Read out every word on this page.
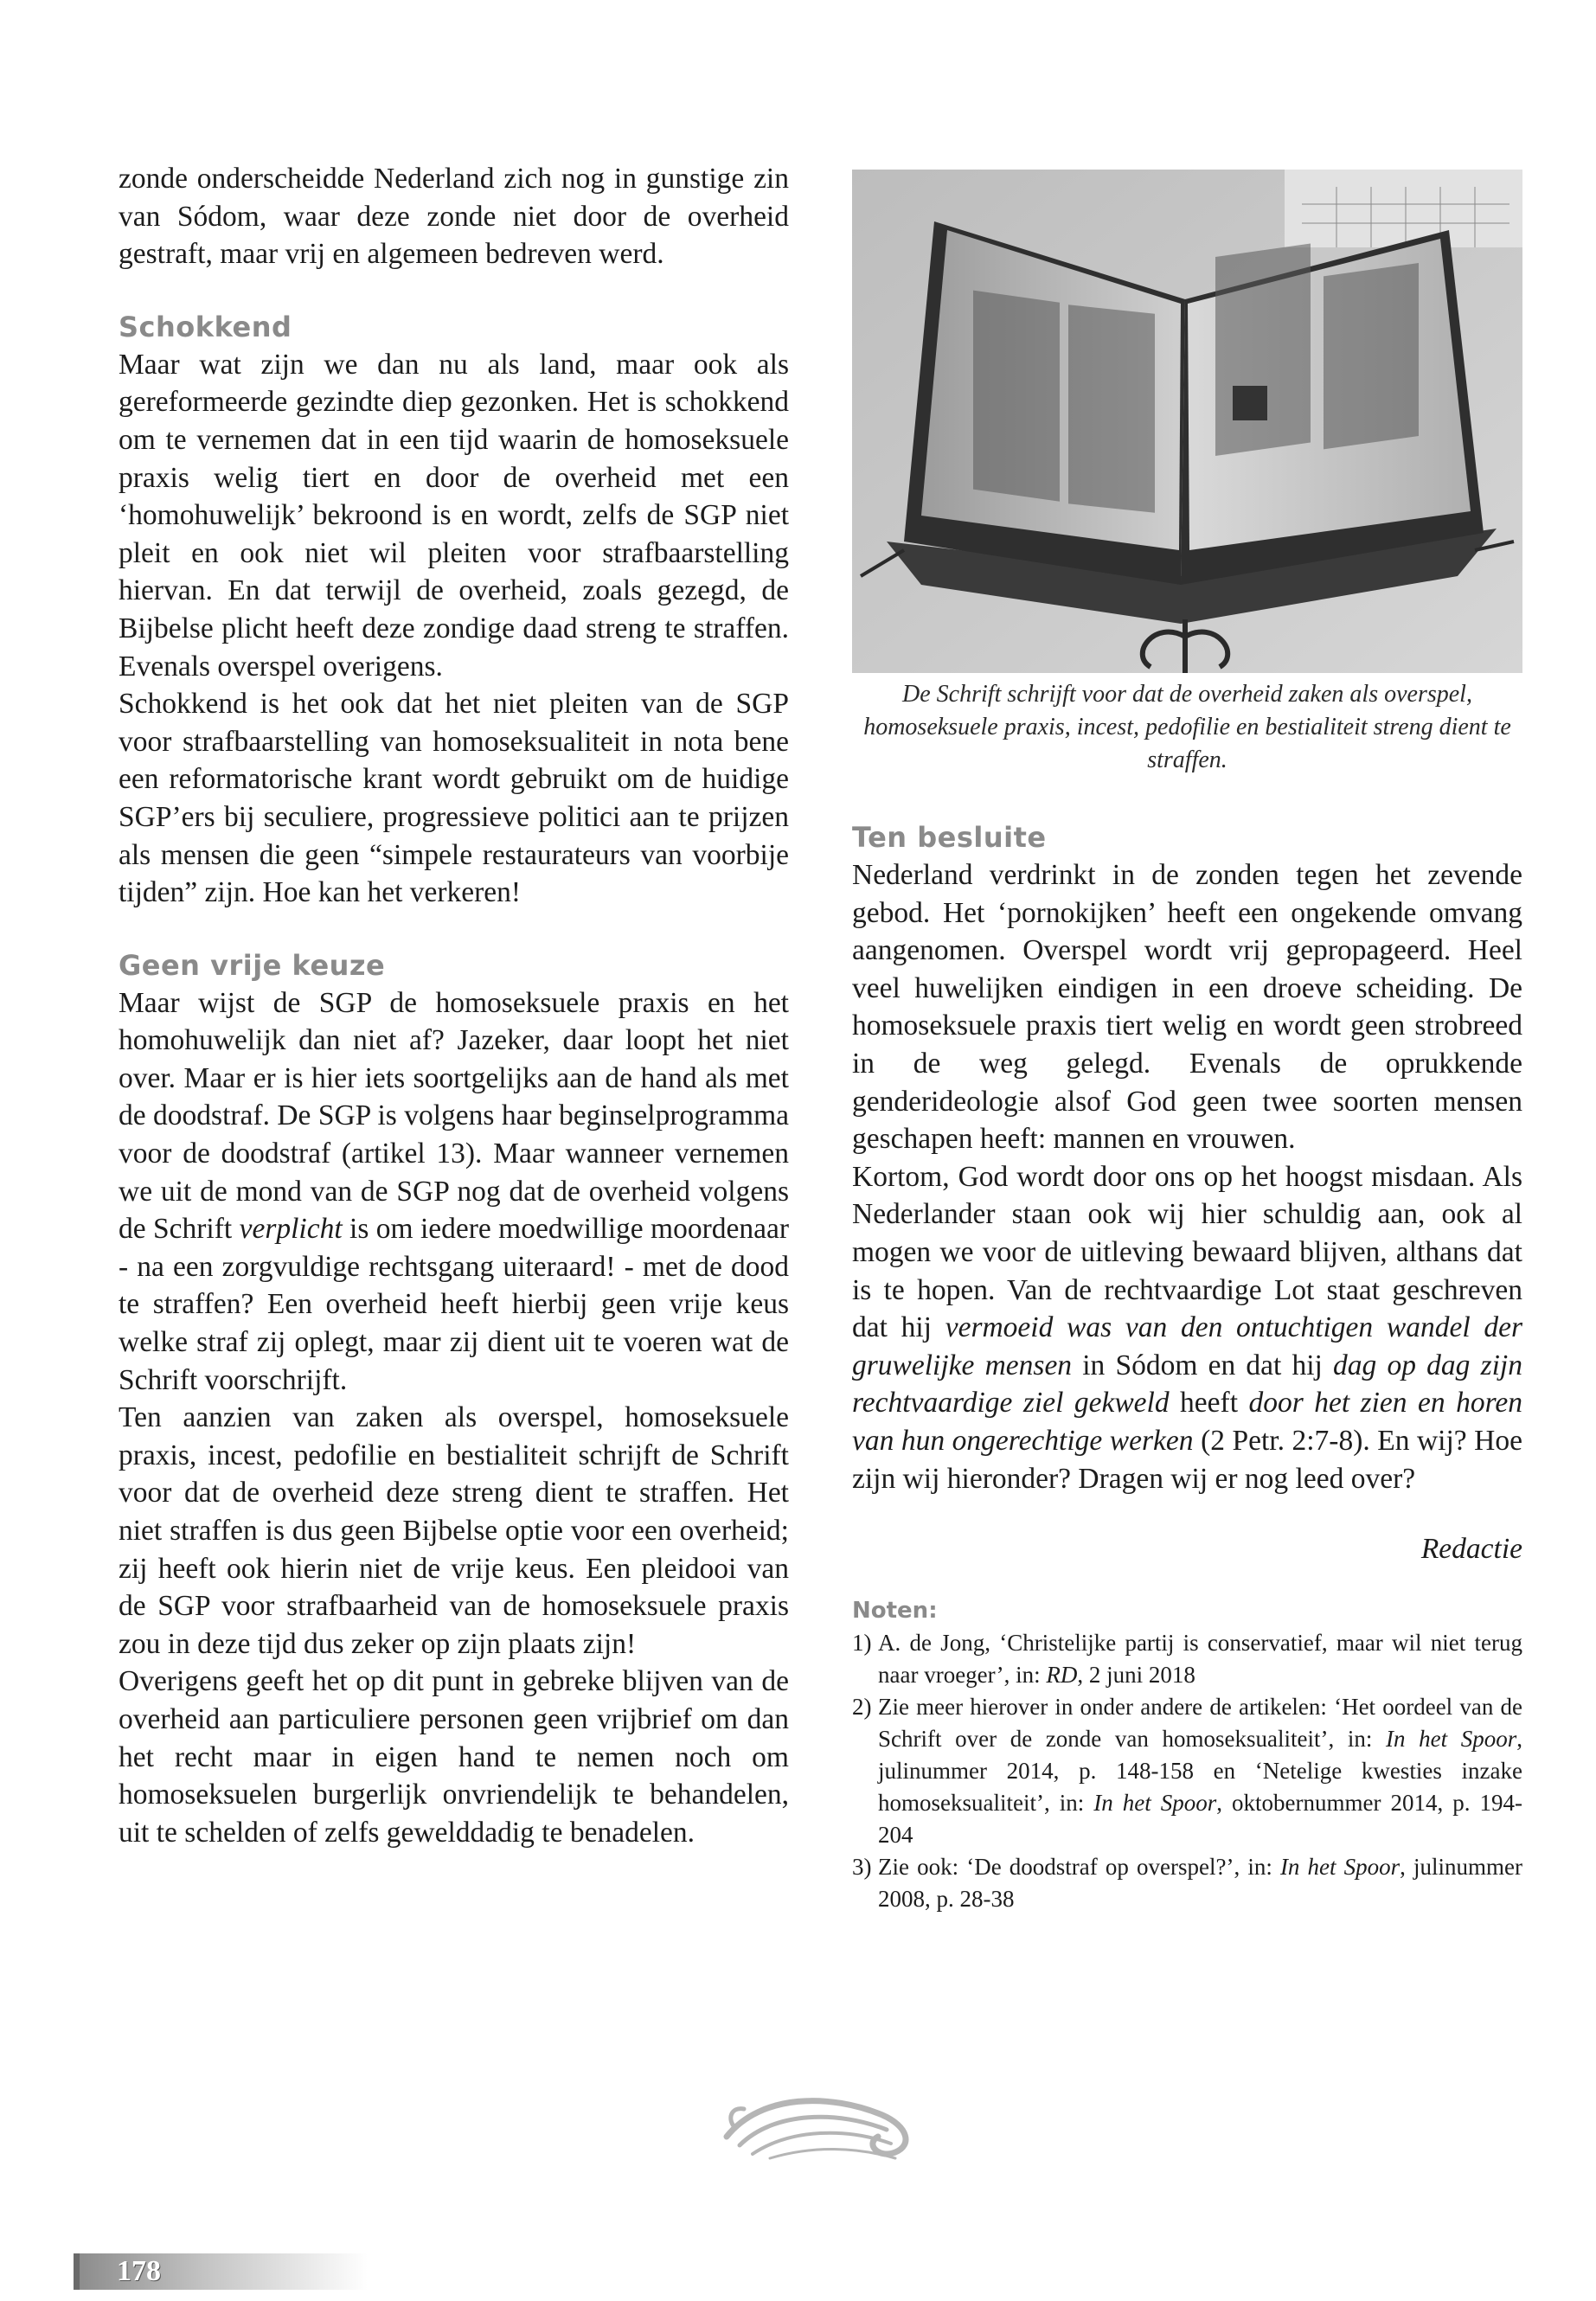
zonde onderscheidde Nederland zich nog in gunstige zin van Sódom, waar deze zonde niet door de overheid gestraft, maar vrij en algemeen bedreven werd.

Schokkend

Maar wat zijn we dan nu als land, maar ook als gereformeerde gezindte diep gezonken. Het is schokkend om te vernemen dat in een tijd waarin de homoseksuele praxis welig tiert en door de overheid met een ‘homohuwelijk’ bekroond is en wordt, zelfs de SGP niet pleit en ook niet wil pleiten voor strafbaarstelling hiervan. En dat terwijl de overheid, zoals gezegd, de Bijbelse plicht heeft deze zondige daad streng te straffen. Evenals overspel overigens.

Schokkend is het ook dat het niet pleiten van de SGP voor strafbaarstelling van homoseksualiteit in nota bene een reformatorische krant wordt gebruikt om de huidige SGP’ers bij seculiere, progressieve politici aan te prijzen als mensen die geen “simpele restaurateurs van voorbije tijden” zijn. Hoe kan het verkeren!

Geen vrije keuze

Maar wijst de SGP de homoseksuele praxis en het homohuwelijk dan niet af? Jazeker, daar loopt het niet over. Maar er is hier iets soortgelijks aan de hand als met de doodstraf. De SGP is volgens haar beginselprogramma voor de doodstraf (artikel 13). Maar wanneer vernemen we uit de mond van de SGP nog dat de overheid volgens de Schrift verplicht is om iedere moedwillige moordenaar - na een zorgvuldige rechtsgang uiteraard! - met de dood te straffen? Een overheid heeft hierbij geen vrije keus welke straf zij oplegt, maar zij dient uit te voeren wat de Schrift voorschrijft.

Ten aanzien van zaken als overspel, homoseksuele praxis, incest, pedofilie en bestialiteit schrijft de Schrift voor dat de overheid deze streng dient te straffen. Het niet straffen is dus geen Bijbelse optie voor een overheid; zij heeft ook hierin niet de vrije keus. Een pleidooi van de SGP voor strafbaarheid van de homoseksuele praxis zou in deze tijd dus zeker op zijn plaats zijn!

Overigens geeft het op dit punt in gebreke blijven van de overheid aan particuliere personen geen vrijbrief om dan het recht maar in eigen hand te nemen noch om homoseksuelen burgerlijk onvriendelijk te behandelen, uit te schelden of zelfs gewelddadig te benadelen.

De Schrift schrijft voor dat de overheid zaken als overspel, homoseksuele praxis, incest, pedofilie en bestialiteit streng dient te straffen.

Ten besluite

Nederland verdrinkt in de zonden tegen het zevende gebod. Het ‘pornokijken’ heeft een ongekende omvang aangenomen. Overspel wordt vrij gepropageerd. Heel veel huwelijken eindigen in een droeve scheiding. De homoseksuele praxis tiert welig en wordt geen strobreed in de weg gelegd. Evenals de oprukkende genderideologie alsof God geen twee soorten mensen geschapen heeft: mannen en vrouwen.

Kortom, God wordt door ons op het hoogst misdaan. Als Nederlander staan ook wij hier schuldig aan, ook al mogen we voor de uitleving bewaard blijven, althans dat is te hopen. Van de rechtvaardige Lot staat geschreven dat hij vermoeid was van den ontuchtigen wandel der gruwelijke mensen in Sódom en dat hij dag op dag zijn rechtvaardige ziel gekweld heeft door het zien en horen van hun ongerechtige werken (2 Petr. 2:7-8). En wij? Hoe zijn wij hieronder? Dragen wij er nog leed over?

Redactie

Noten:

1) A. de Jong, ‘Christelijke partij is conservatief, maar wil niet terug naar vroeger’, in: RD, 2 juni 2018
2) Zie meer hierover in onder andere de artikelen: ‘Het oordeel van de Schrift over de zonde van homoseksualiteit’, in: In het Spoor, julinummer 2014, p. 148-158 en ‘Netelige kwesties inzake homoseksualiteit’, in: In het Spoor, oktobernummer 2014, p. 194-204
3) Zie ook: ‘De doodstraf op overspel?’, in: In het Spoor, julinummer 2008, p. 28-38
178
